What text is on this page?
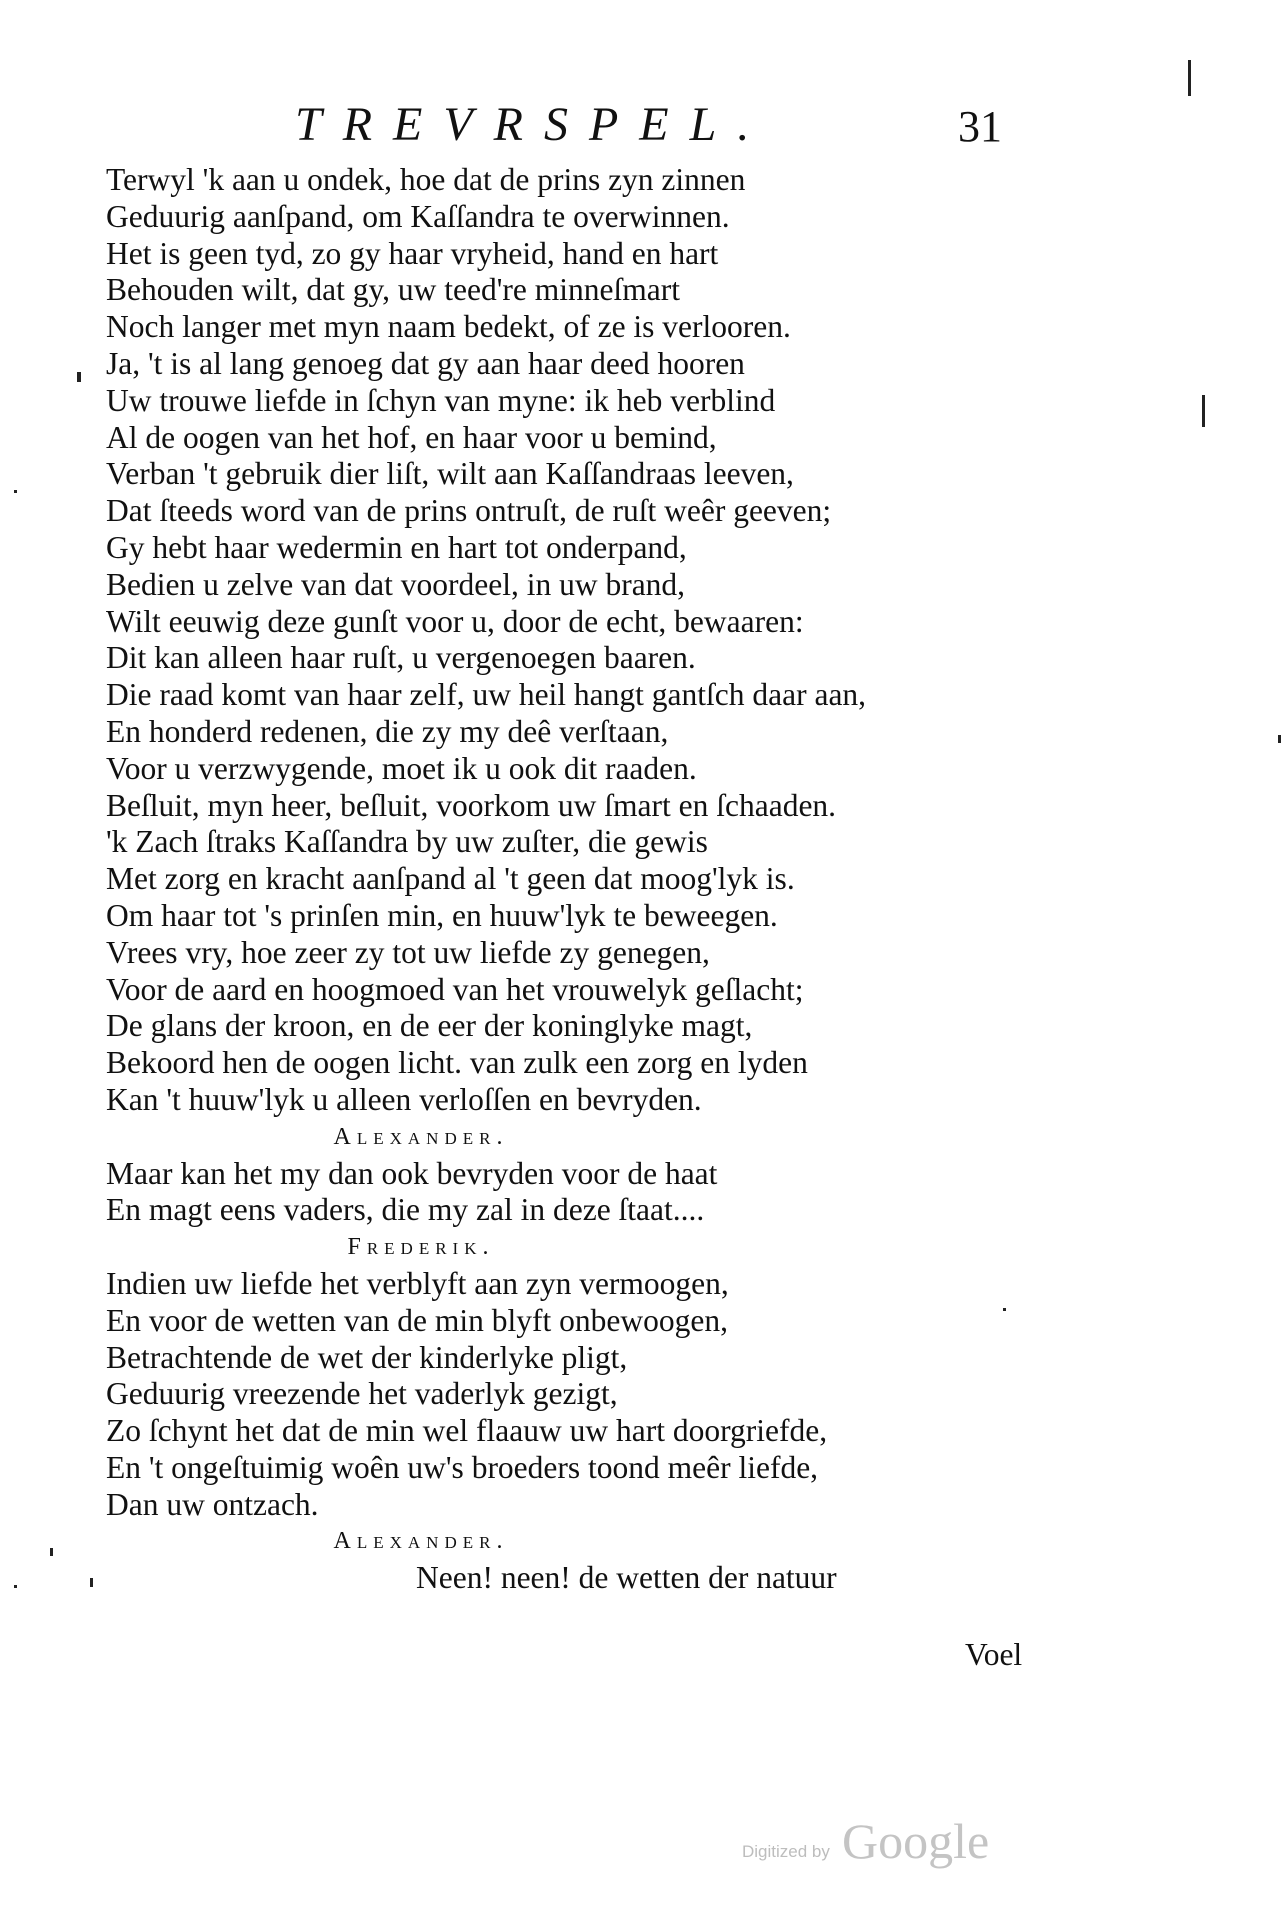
TREVRSPEL.	31
Terwyl 'k aan u ondek, hoe dat de prins zyn zinnen
Geduurig aanſpand, om Kaſſandra te overwinnen.
Het is geen tyd, zo gy haar vryheid, hand en hart
Behouden wilt, dat gy, uw teed're minneſmart
Noch langer met myn naam bedekt, of ze is verlooren.
Ja, 't is al lang genoeg dat gy aan haar deed hooren
Uw trouwe liefde in ſchyn van myne: ik heb verblind
Al de oogen van het hof, en haar voor u bemind,
Verban 't gebruik dier liſt, wilt aan Kaſſandraas leeven,
Dat ſteeds word van de prins ontruſt, de ruſt weêr geeven;
Gy hebt haar wedermin en hart tot onderpand,
Bedien u zelve van dat voordeel, in uw brand,
Wilt eeuwig deze gunſt voor u, door de echt, bewaaren:
Dit kan alleen haar ruſt, u vergenoegen baaren.
Die raad komt van haar zelf, uw heil hangt gantſch daar aan,
En honderd redenen, die zy my deê verſtaan,
Voor u verzwygende, moet ik u ook dit raaden.
Beſluit, myn heer, beſluit, voorkom uw ſmart en ſchaaden.
'k Zach ſtraks Kaſſandra by uw zuſter, die gewis
Met zorg en kracht aanſpand al 't geen dat moog'lyk is.
Om haar tot 's prinſen min, en huuw'lyk te beweegen.
Vrees vry, hoe zeer zy tot uw liefde zy genegen,
Voor de aard en hoogmoed van het vrouwelyk geſlacht;
De glans der kroon, en de eer der koninglyke magt,
Bekoord hen de oogen licht. van zulk een zorg en lyden
Kan 't huuw'lyk u alleen verloſſen en bevryden.
Alexander.
Maar kan het my dan ook bevryden voor de haat
En magt eens vaders, die my zal in deze ſtaat....
Frederik.
Indien uw liefde het verblyft aan zyn vermoogen,
En voor de wetten van de min blyft onbewoogen,
Betrachtende de wet der kinderlyke pligt,
Geduurig vreezende het vaderlyk gezigt,
Zo ſchynt het dat de min wel flaauw uw hart doorgriefde,
En 't ongeſtuimig woên uw's broeders toond meêr liefde,
Dan uw ontzach.
Alexander.
Neen! neen! de wetten der natuur
Voel
Digitized by Google
